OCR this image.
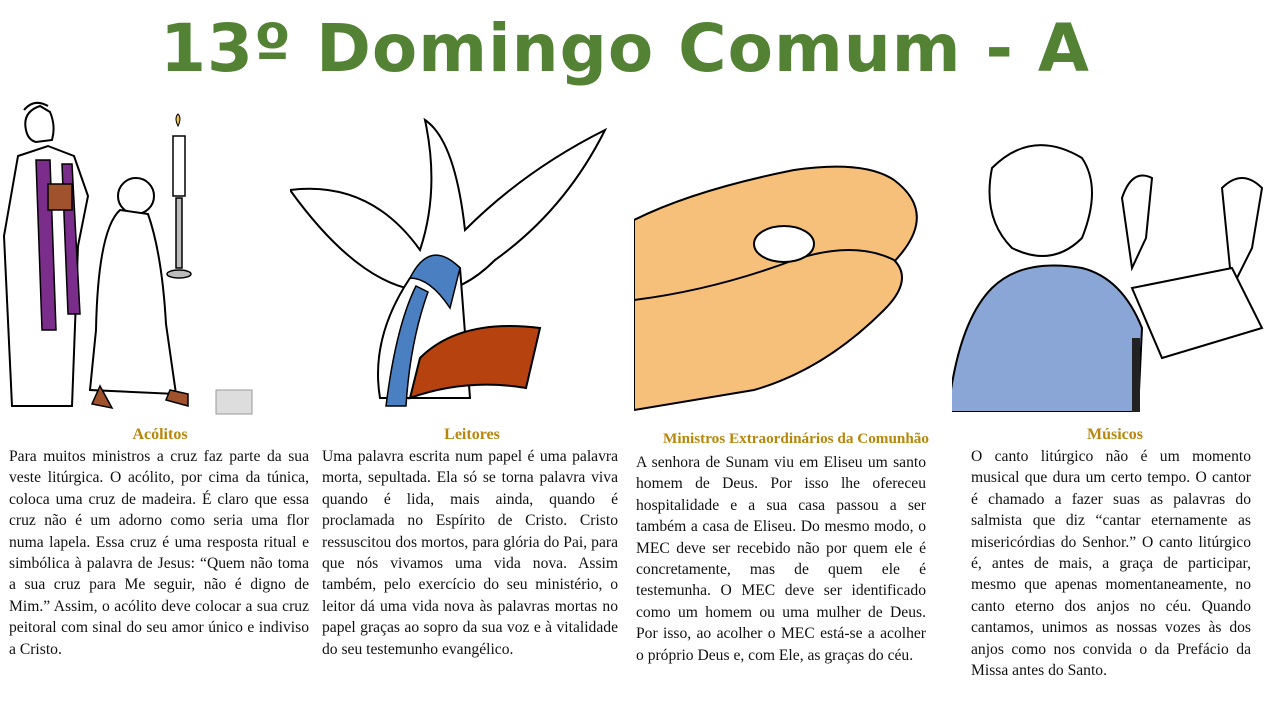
13º Domingo Comum - A
Acólitos
Para muitos ministros a cruz faz parte da sua veste litúrgica. O acólito, por cima da túnica, coloca uma cruz de madeira. É claro que essa cruz não é um adorno como seria uma flor numa lapela. Essa cruz é uma resposta ritual e simbólica à palavra de Jesus: “Quem não toma a sua cruz para Me seguir, não é digno de Mim.” Assim, o acólito deve colocar a sua cruz peitoral com sinal do seu amor único e indiviso a Cristo.
Leitores
Uma palavra escrita num papel é uma palavra morta, sepultada. Ela só se torna palavra viva quando é lida, mais ainda, quando é proclamada no Espírito de Cristo. Cristo ressuscitou dos mortos, para glória do Pai, para que nós vivamos uma vida nova. Assim também, pelo exercício do seu ministério, o leitor dá uma vida nova às palavras mortas no papel graças ao sopro da sua voz e à vitalidade do seu testemunho evangélico.
Ministros Extraordinários da Comunhão
A senhora de Sunam viu em Eliseu um santo homem de Deus. Por isso lhe ofereceu hospitalidade e a sua casa passou a ser também a casa de Eliseu. Do mesmo modo, o MEC deve ser recebido não por quem ele é concretamente, mas de quem ele é testemunha. O MEC deve ser identificado como um homem ou uma mulher de Deus. Por isso, ao acolher o MEC está-se a acolher o próprio Deus e, com Ele, as graças do céu.
Músicos
O canto litúrgico não é um momento musical que dura um certo tempo. O cantor é chamado a fazer suas as palavras do salmista que diz “cantar eternamente as misericórdias do Senhor.” O canto litúrgico é, antes de mais, a graça de participar, mesmo que apenas momentaneamente, no canto eterno dos anjos no céu. Quando cantamos, unimos as nossas vozes às dos anjos como nos convida o da Prefácio da Missa antes do Santo.
